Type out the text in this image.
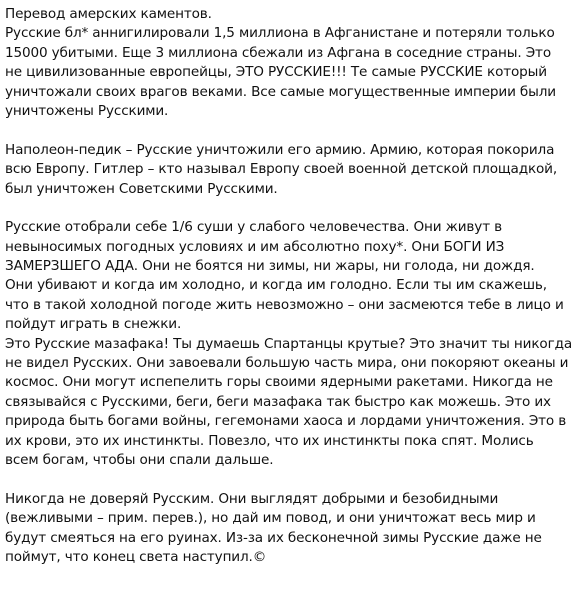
Перевод амерских каментов.
Русские бл* аннигилировали 1,5 миллиона в Афганистане и потеряли только
15000 убитыми. Еще 3 миллиона сбежали из Афгана в соседние страны. Это
не цивилизованные европейцы, ЭТО РУССКИЕ!!! Те самые РУССКИЕ который
уничтожали своих врагов веками. Все самые могущественные империи были
уничтожены Русскими.
Наполеон-педик – Русские уничтожили его армию. Армию, которая покорила
всю Европу. Гитлер – кто называл Европу своей военной детской площадкой,
был уничтожен Советскими Русскими.
Русские отобрали себе 1/6 суши у слабого человечества. Они живут в
невыносимых погодных условиях и им абсолютно поху*. Они БОГИ ИЗ
ЗАМЕРЗШЕГО АДА. Они не боятся ни зимы, ни жары, ни голода, ни дождя.
Они убивают и когда им холодно, и когда им голодно. Если ты им скажешь,
что в такой холодной погоде жить невозможно – они засмеются тебе в лицо и
пойдут играть в снежки.
Это Русские мазафака! Ты думаешь Спартанцы крутые? Это значит ты никогда
не видел Русских. Они завоевали большую часть мира, они покоряют океаны и
космос. Они могут испепелить горы своими ядерными ракетами. Никогда не
связывайся с Русскими, беги, беги мазафака так быстро как можешь. Это их
природа быть богами войны, гегемонами хаоса и лордами уничтожения. Это в
их крови, это их инстинкты. Повезло, что их инстинкты пока спят. Молись
всем богам, чтобы они спали дальше.
Никогда не доверяй Русским. Они выглядят добрыми и безобидными
(вежливыми – прим. перев.), но дай им повод, и они уничтожат весь мир и
будут смеяться на его руинах. Из-за их бесконечной зимы Русские даже не
поймут, что конец света наступил.©
